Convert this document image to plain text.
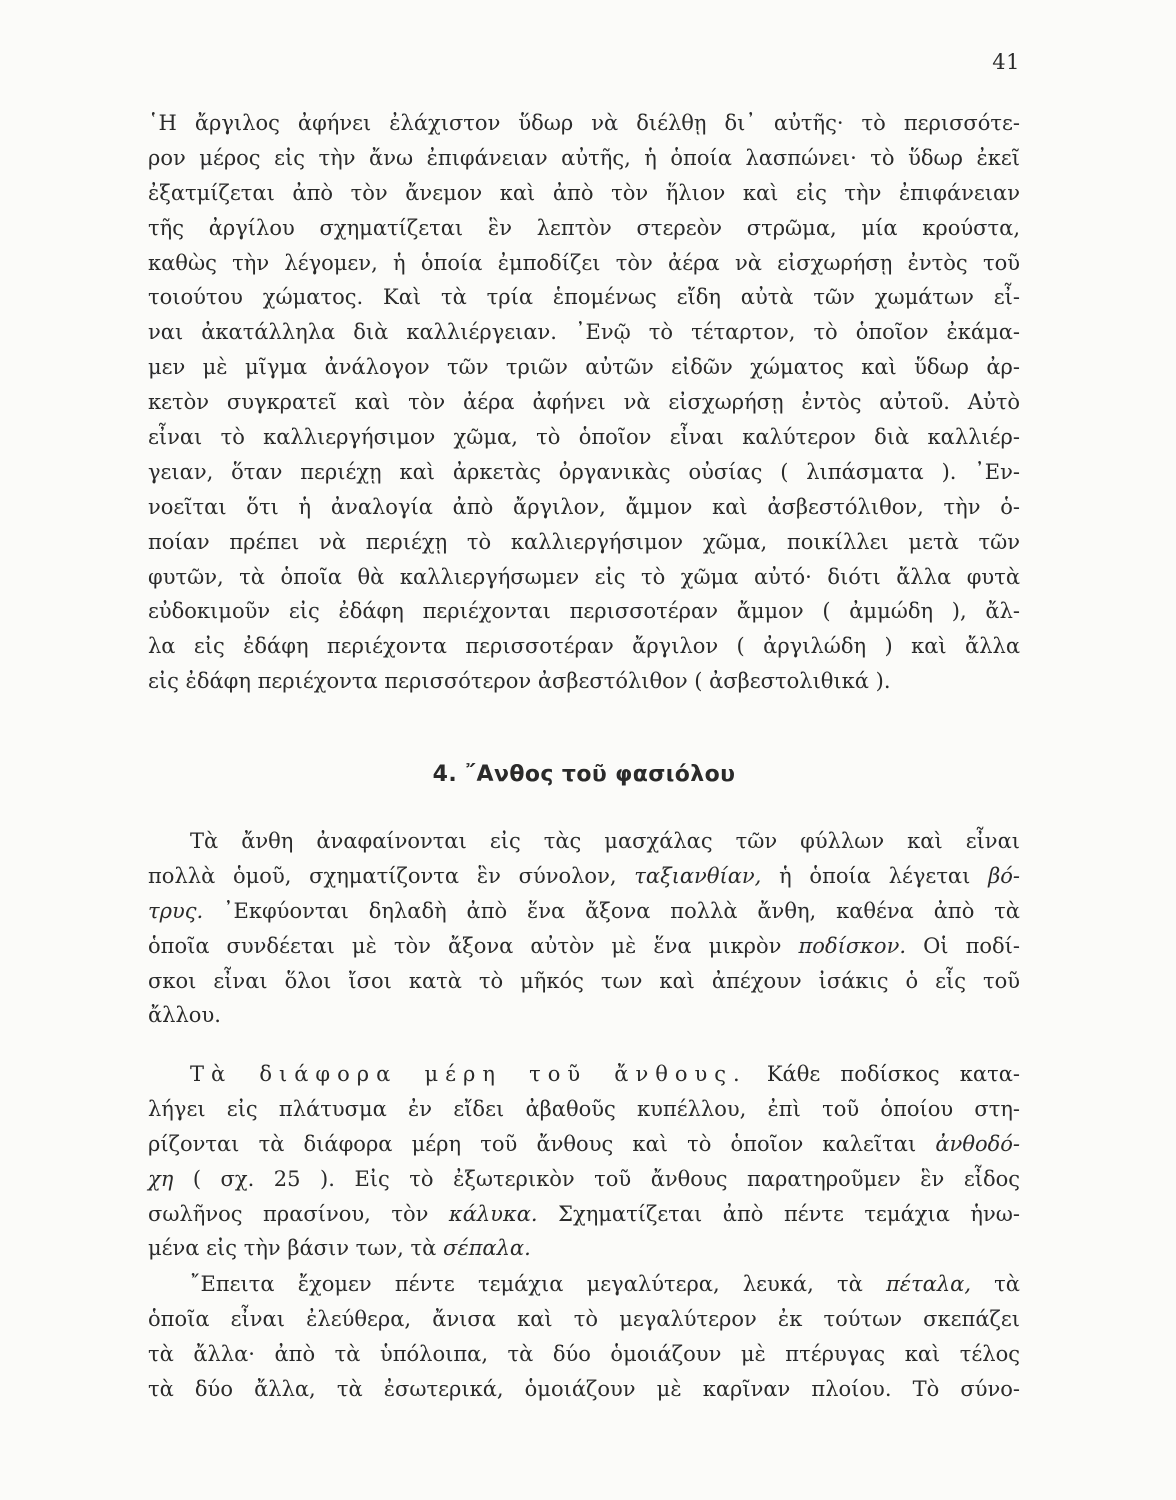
41
῾Η ἄργιλος ἀφήνει ἐλάχιστον ὕδωρ νὰ διέλθῃ δι᾽ αὐτῆς· τὸ περισσότε-
ρον μέρος εἰς τὴν ἄνω ἐπιφάνειαν αὐτῆς, ἡ ὁποία λασπώνει· τὸ ὕδωρ ἐκεῖ
ἐξατμίζεται ἀπὸ τὸν ἄνεμον καὶ ἀπὸ τὸν ἥλιον καὶ εἰς τὴν ἐπιφάνειαν
τῆς ἀργίλου σχηματίζεται ἓν λεπτὸν στερεὸν στρῶμα, μία κρούστα,
καθὼς τὴν λέγομεν, ἡ ὁποία ἐμποδίζει τὸν ἀέρα νὰ εἰσχωρήσῃ ἐντὸς τοῦ
τοιούτου χώματος. Καὶ τὰ τρία ἑπομένως εἴδη αὐτὰ τῶν χωμάτων εἶ-
ναι ἀκατάλληλα διὰ καλλιέργειαν. ᾿Ενῷ τὸ τέταρτον, τὸ ὁποῖον ἐκάμα-
μεν μὲ μῖγμα ἀνάλογον τῶν τριῶν αὐτῶν εἰδῶν χώματος καὶ ὕδωρ ἀρ-
κετὸν συγκρατεῖ καὶ τὸν ἀέρα ἀφήνει νὰ εἰσχωρήσῃ ἐντὸς αὐτοῦ. Αὐτὸ
εἶναι τὸ καλλιεργήσιμον χῶμα, τὸ ὁποῖον εἶναι καλύτερον διὰ καλλιέρ-
γειαν, ὅταν περιέχῃ καὶ ἀρκετὰς ὀργανικὰς οὐσίας ( λιπάσματα ). ᾿Εν-
νοεῖται ὅτι ἡ ἀναλογία ἀπὸ ἄργιλον, ἄμμον καὶ ἀσβεστόλιθον, τὴν ὁ-
ποίαν πρέπει νὰ περιέχῃ τὸ καλλιεργήσιμον χῶμα, ποικίλλει μετὰ τῶν
φυτῶν, τὰ ὁποῖα θὰ καλλιεργήσωμεν εἰς τὸ χῶμα αὐτό· διότι ἄλλα φυτὰ
εὐδοκιμοῦν εἰς ἐδάφη περιέχονται περισσοτέραν ἄμμον ( ἀμμώδη ), ἄλ-
λα εἰς ἐδάφη περιέχοντα περισσοτέραν ἄργιλον ( ἀργιλώδη ) καὶ ἄλλα
εἰς ἐδάφη περιέχοντα περισσότερον ἀσβεστόλιθον ( ἀσβεστολιθικά ).
4. ῎Ανθος τοῦ φασιόλου
Τὰ ἄνθη ἀναφαίνονται εἰς τὰς μασχάλας τῶν φύλλων καὶ εἶναι
πολλὰ ὁμοῦ, σχηματίζοντα ἓν σύνολον, ταξιανθίαν, ἡ ὁποία λέγεται βό-
τρυς. ᾿Εκφύονται δηλαδὴ ἀπὸ ἕνα ἄξονα πολλὰ ἄνθη, καθένα ἀπὸ τὰ
ὁποῖα συνδέεται μὲ τὸν ἄξονα αὐτὸν μὲ ἕνα μικρὸν ποδίσκον. Οἱ ποδί-
σκοι εἶναι ὅλοι ἴσοι κατὰ τὸ μῆκός των καὶ ἀπέχουν ἰσάκις ὁ εἷς τοῦ
ἄλλου.
Τὰ διάφορα μέρη τοῦ ἄνθους. Κάθε ποδίσκος κατα-
λήγει εἰς πλάτυσμα ἐν εἴδει ἀβαθοῦς κυπέλλου, ἐπὶ τοῦ ὁποίου στη-
ρίζονται τὰ διάφορα μέρη τοῦ ἄνθους καὶ τὸ ὁποῖον καλεῖται ἀνθοδό-
χη ( σχ. 25 ). Εἰς τὸ ἐξωτερικὸν τοῦ ἄνθους παρατηροῦμεν ἓν εἶδος
σωλῆνος πρασίνου, τὸν κάλυκα. Σχηματίζεται ἀπὸ πέντε τεμάχια ἡνω-
μένα εἰς τὴν βάσιν των, τὰ σέπαλα.
῎Επειτα ἔχομεν πέντε τεμάχια μεγαλύτερα, λευκά, τὰ πέταλα, τὰ
ὁποῖα εἶναι ἐλεύθερα, ἄνισα καὶ τὸ μεγαλύτερον ἐκ τούτων σκεπάζει
τὰ ἄλλα· ἀπὸ τὰ ὑπόλοιπα, τὰ δύο ὁμοιάζουν μὲ πτέρυγας καὶ τέλος
τὰ δύο ἄλλα, τὰ ἐσωτερικά, ὁμοιάζουν μὲ καρῖναν πλοίου. Τὸ σύνο-
